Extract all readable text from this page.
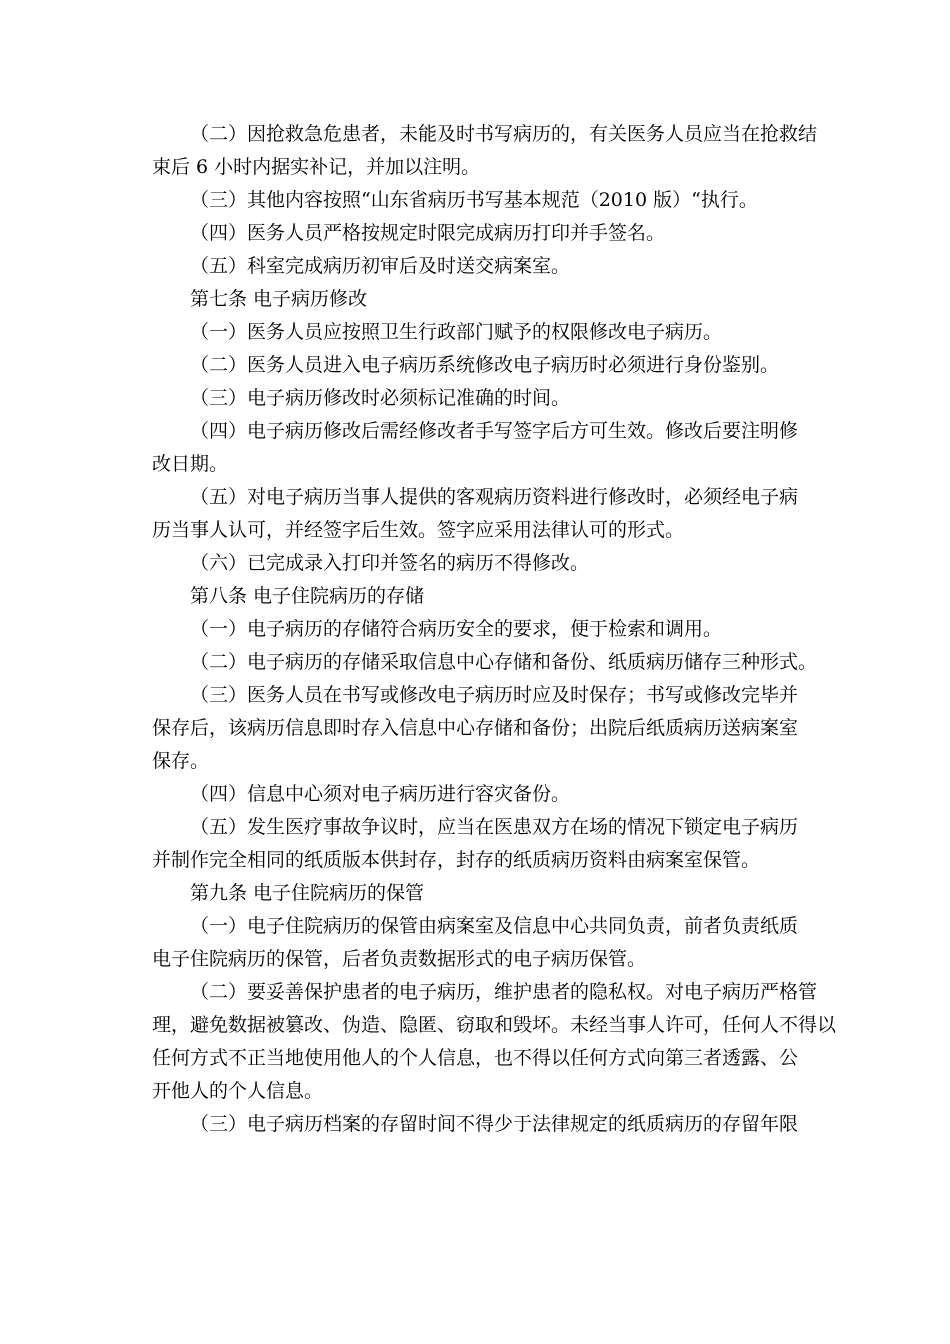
（二）因抢救急危患者，未能及时书写病历的，有关医务人员应当在抢救结
束后 6 小时内据实补记，并加以注明。
（三）其他内容按照“山东省病历书写基本规范（2010 版）“执行。
（四）医务人员严格按规定时限完成病历打印并手签名。
（五）科室完成病历初审后及时送交病案室。
第七条 电子病历修改
（一）医务人员应按照卫生行政部门赋予的权限修改电子病历。
（二）医务人员进入电子病历系统修改电子病历时必须进行身份鉴别。
（三）电子病历修改时必须标记准确的时间。
（四）电子病历修改后需经修改者手写签字后方可生效。修改后要注明修
改日期。
（五）对电子病历当事人提供的客观病历资料进行修改时，必须经电子病
历当事人认可，并经签字后生效。签字应采用法律认可的形式。
（六）已完成录入打印并签名的病历不得修改。
第八条 电子住院病历的存储
（一）电子病历的存储符合病历安全的要求，便于检索和调用。
（二）电子病历的存储采取信息中心存储和备份、纸质病历储存三种形式。
（三）医务人员在书写或修改电子病历时应及时保存；书写或修改完毕并
保存后，该病历信息即时存入信息中心存储和备份；出院后纸质病历送病案室
保存。
（四）信息中心须对电子病历进行容灾备份。
（五）发生医疗事故争议时，应当在医患双方在场的情况下锁定电子病历
并制作完全相同的纸质版本供封存，封存的纸质病历资料由病案室保管。
第九条 电子住院病历的保管
（一）电子住院病历的保管由病案室及信息中心共同负责，前者负责纸质
电子住院病历的保管，后者负责数据形式的电子病历保管。
（二）要妥善保护患者的电子病历，维护患者的隐私权。对电子病历严格管
理，避免数据被篡改、伪造、隐匿、窃取和毁坏。未经当事人许可，任何人不得以
任何方式不正当地使用他人的个人信息，也不得以任何方式向第三者透露、公
开他人的个人信息。
（三）电子病历档案的存留时间不得少于法律规定的纸质病历的存留年限
